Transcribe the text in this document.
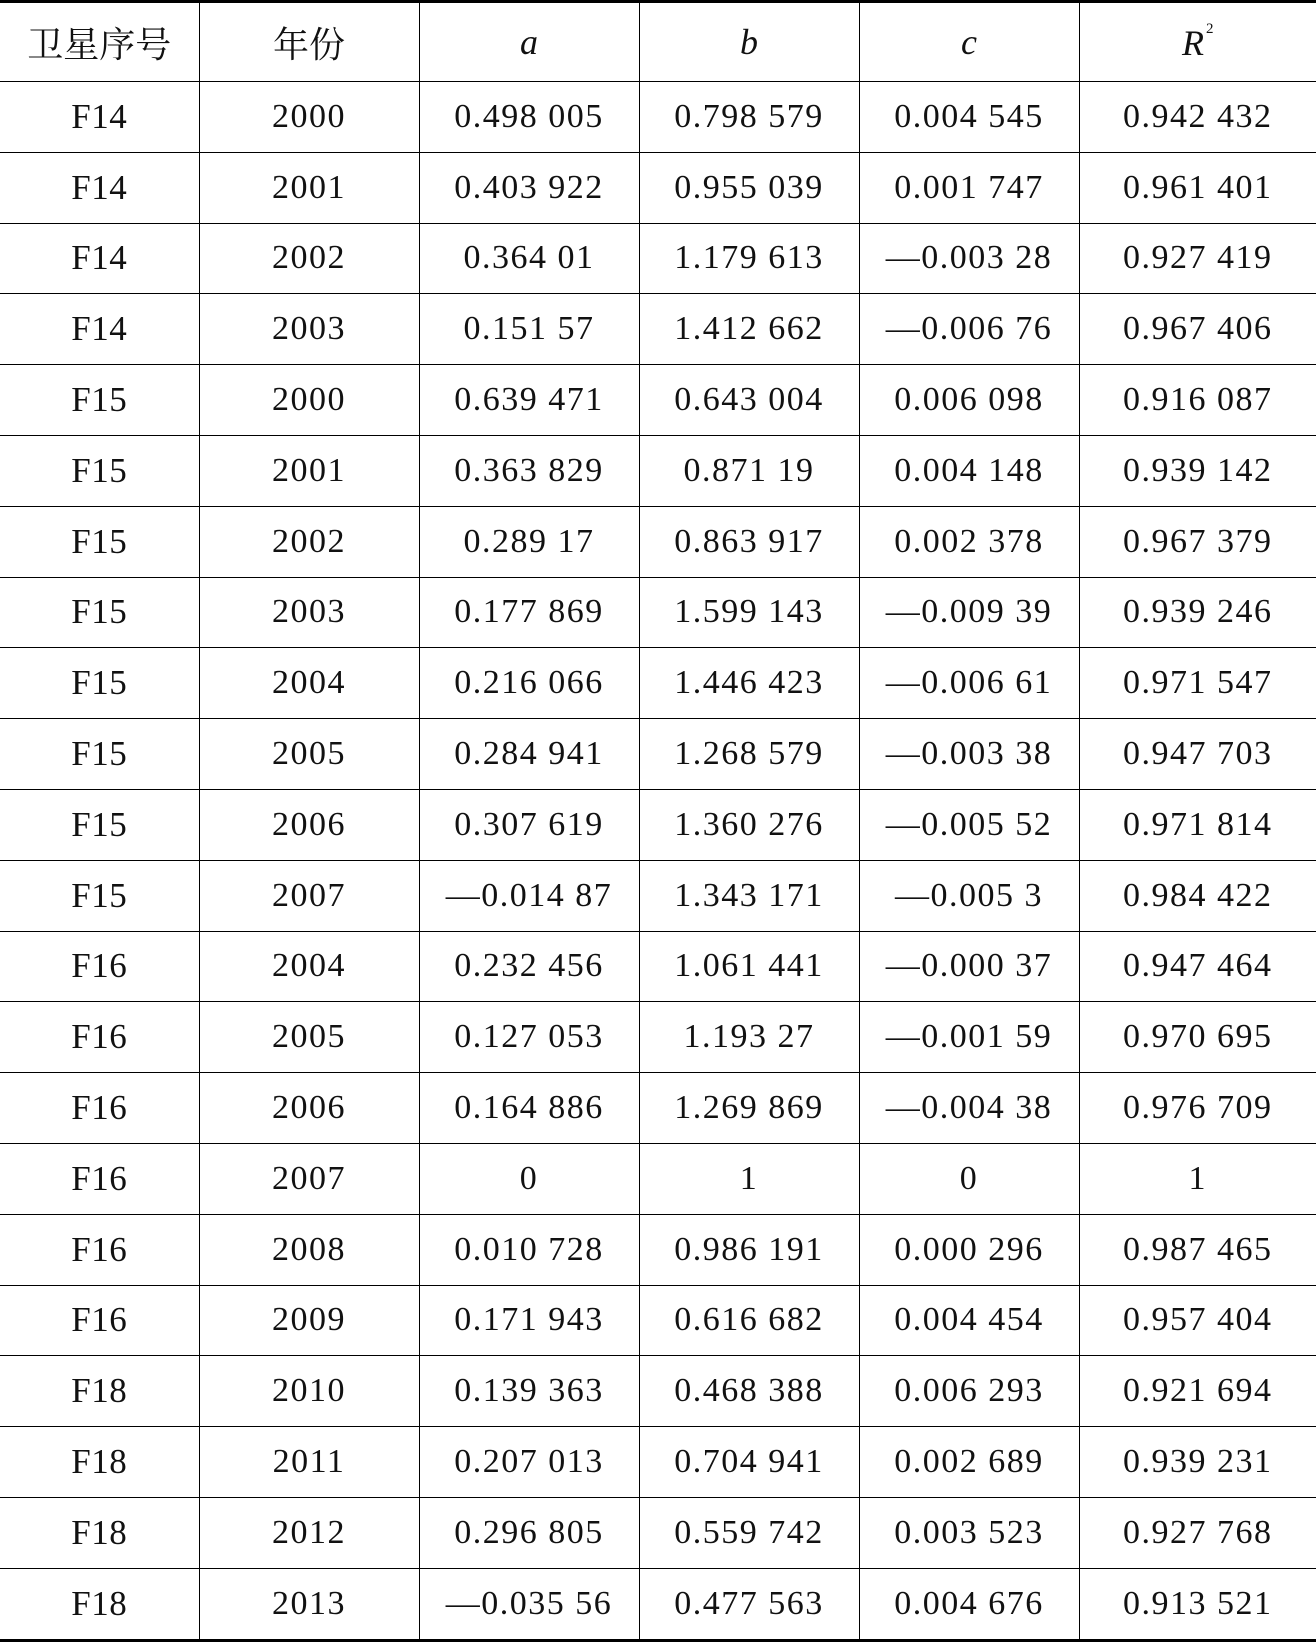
卫星序号	年份	a	b	c	R $^2$
F14	2000	0.498 005	0.798 579	0.004 545	0.942 432
F14	2001	0.403 922	0.955 039	0.001 747	0.961 401
F14	2002	0.364 01	1.179 613	—0.003 28	0.927 419
F14	2003	0.151 57	1.412 662	—0.006 76	0.967 406
F15	2000	0.639 471	0.643 004	0.006 098	0.916 087
F15	2001	0.363 829	0.871 19	0.004 148	0.939 142
F15	2002	0.289 17	0.863 917	0.002 378	0.967 379
F15	2003	0.177 869	1.599 143	—0.009 39	0.939 246
F15	2004	0.216 066	1.446 423	—0.006 61	0.971 547
F15	2005	0.284 941	1.268 579	—0.003 38	0.947 703
F15	2006	0.307 619	1.360 276	—0.005 52	0.971 814
F15	2007	—0.014 87	1.343 171	—0.005 3	0.984 422
F16	2004	0.232 456	1.061 441	—0.000 37	0.947 464
F16	2005	0.127 053	1.193 27	—0.001 59	0.970 695
F16	2006	0.164 886	1.269 869	—0.004 38	0.976 709
F16	2007	0	1	0	1
F16	2008	0.010 728	0.986 191	0.000 296	0.987 465
F16	2009	0.171 943	0.616 682	0.004 454	0.957 404
F18	2010	0.139 363	0.468 388	0.006 293	0.921 694
F18	2011	0.207 013	0.704 941	0.002 689	0.939 231
F18	2012	0.296 805	0.559 742	0.003 523	0.927 768
F18	2013	—0.035 56	0.477 563	0.004 676	0.913 521
